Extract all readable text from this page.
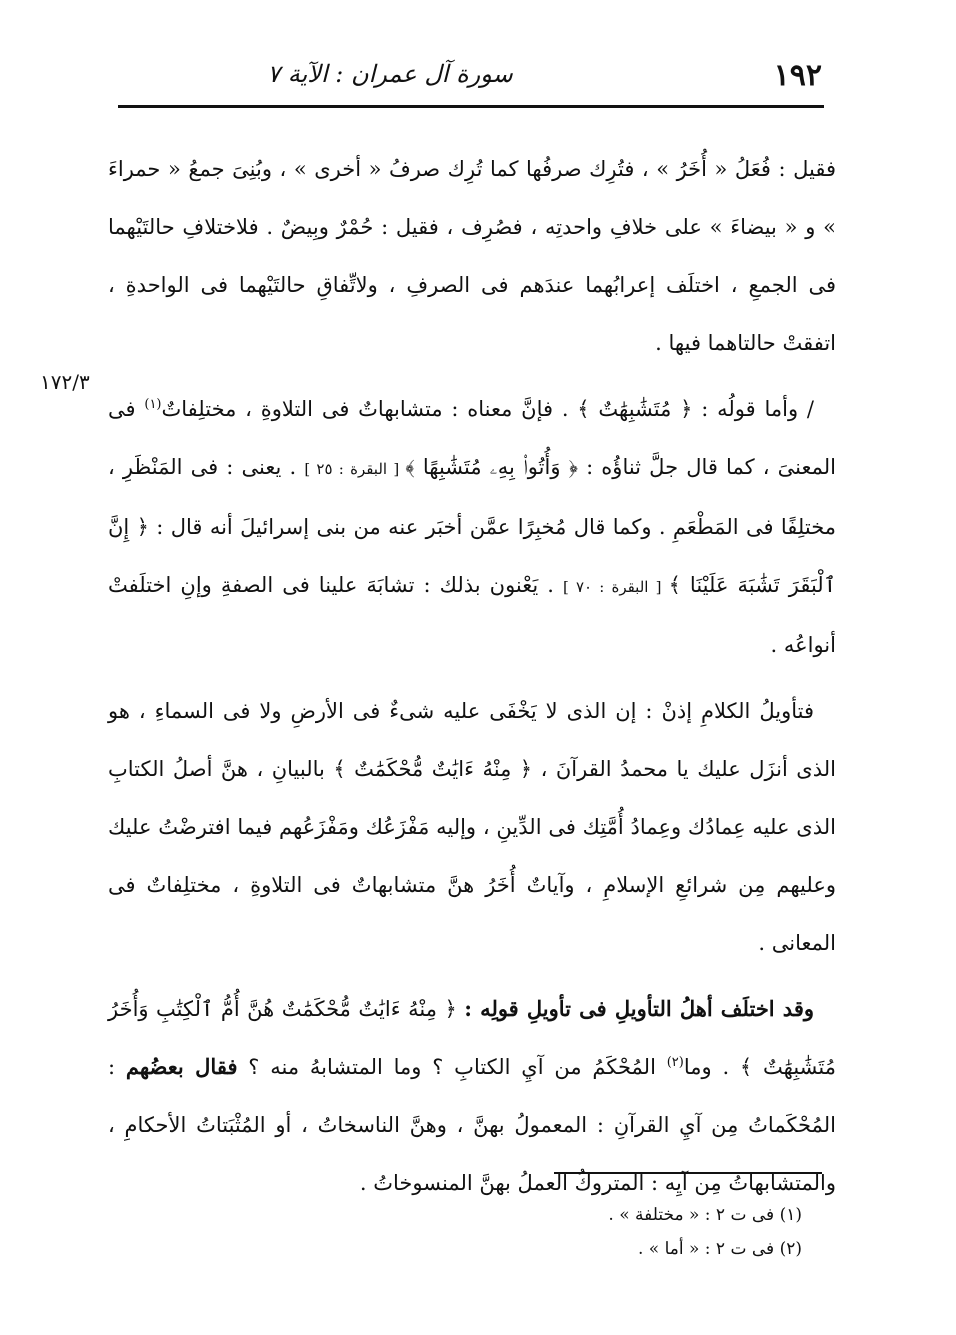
١٩٢
سورة آل عمران : الآية ٧
١٧٢/٣

فقيل : فُعَلُ « أُخَرُ » ، فتُرِك صرفُها كما تُرِك صرفُ « أخرى » ، وبُنِىَ جمعُ « حمراءَ » و « بيضاءَ » على خلافِ واحدتِه ، فصُرِف ، فقيل : حُمْرٌ وبِيضٌ . فلاختلافِ حالتَيْهما فى الجمعِ ، اختلَف إعرابُهما عندَهم فى الصرفِ ، ولاتِّفاقِ حالتَيْهما فى الواحدةِ ، اتفقتْ حالتاهما فيها .

/ وأما قولُه : ﴿ مُتَشَٰبِهَٰتٌ ﴾ . فإنَّ معناه : متشابهاتٌ فى التلاوةِ ، مختلِفاتٌ$^{(١)}$ فى المعنىَ ، كما قال جلَّ ثناؤُه : ﴿ وَأُتُوا۟ بِهِۦ مُتَشَٰبِهًا ﴾ [ البقرة : ٢٥ ] . يعنى : فى المَنْظَرِ ، مختلِفًا فى المَطْعَمِ . وكما قال مُخبِرًا عمَّن أخبَر عنه من بنى إسرائيلَ أنه قال : ﴿ إِنَّ ٱلْبَقَرَ تَشَٰبَهَ عَلَيْنَا ﴾ [ البقرة : ٧٠ ] . يَعْنون بذلك : تشابَهَ علينا فى الصفةِ وإنِ اختلَفتْ أنواعُه .

فتأويلُ الكلامِ إذنْ : إن الذى لا يَخْفَى عليه شىءٌ فى الأرضِ ولا فى السماءِ ، هو الذى أنزَل عليك يا محمدُ القرآنَ ، ﴿ مِنْهُ ءَايَٰتٌ مُّحْكَمَٰتٌ ﴾ بالبيانِ ، هنَّ أصلُ الكتابِ الذى عليه عِمادُك وعِمادُ أُمَّتِك فى الدِّينِ ، وإليه مَفْزَعُك ومَفْزَعُهم فيما افترضْتُ عليك وعليهم مِن شرائعِ الإسلامِ ، وآياتٌ أُخَرُ هنَّ متشابهاتٌ فى التلاوةِ ، مختلِفاتٌ فى المعانى .

وقد اختلَف أهلُ التأويلِ فى تأويلِ قولِه : ﴿ مِنْهُ ءَايَٰتٌ مُّحْكَمَٰتٌ هُنَّ أُمُّ ٱلْكِتَٰبِ وَأُخَرُ مُتَشَٰبِهَٰتٌ ﴾ . وما$^{(٢)}$ المُحْكَمُ من آيِ الكتابِ ؟ وما المتشابهُ منه ؟ فقال بعضُهم : المُحْكَماتُ مِن آيِ القرآنِ : المعمولُ بهنَّ ، وهنَّ الناسخاتُ ، أو المُثْبَتاتُ الأحكامِ ، والمتشابهاتُ مِن آيِه : المتروكُ العملُ بهنَّ المنسوخاتُ .

(١) فى ت ٢ : « مختلفة » .
(٢) فى ت ٢ : « أما » .
